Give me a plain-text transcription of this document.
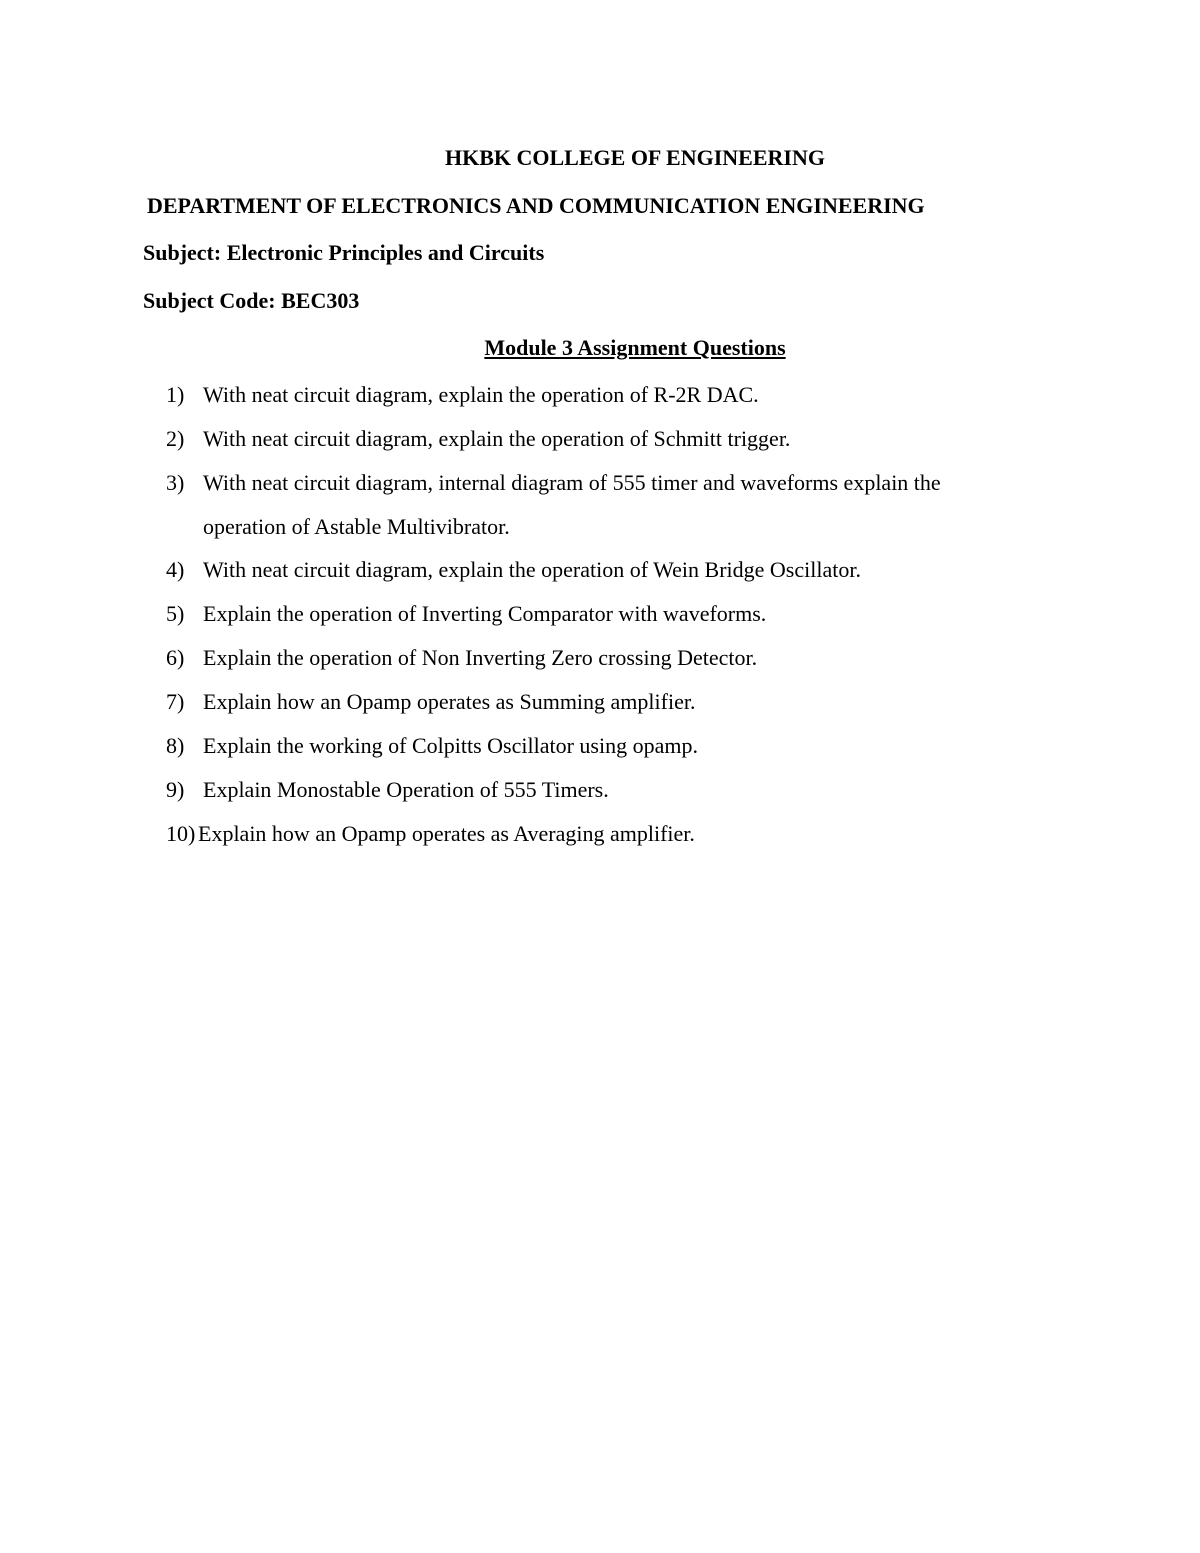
HKBK COLLEGE OF ENGINEERING
DEPARTMENT OF ELECTRONICS AND COMMUNICATION ENGINEERING
Subject: Electronic Principles and Circuits
Subject Code: BEC303
Module 3 Assignment Questions
1) With neat circuit diagram, explain the operation of R-2R DAC.
2) With neat circuit diagram, explain the operation of Schmitt trigger.
3) With neat circuit diagram, internal diagram of 555 timer and waveforms explain the
operation of Astable Multivibrator.
4) With neat circuit diagram, explain the operation of Wein Bridge Oscillator.
5) Explain the operation of Inverting Comparator with waveforms.
6) Explain the operation of Non Inverting Zero crossing Detector.
7) Explain how an Opamp operates as Summing amplifier.
8) Explain the working of Colpitts Oscillator using opamp.
9) Explain Monostable Operation of 555 Timers.
10) Explain how an Opamp operates as Averaging amplifier.
